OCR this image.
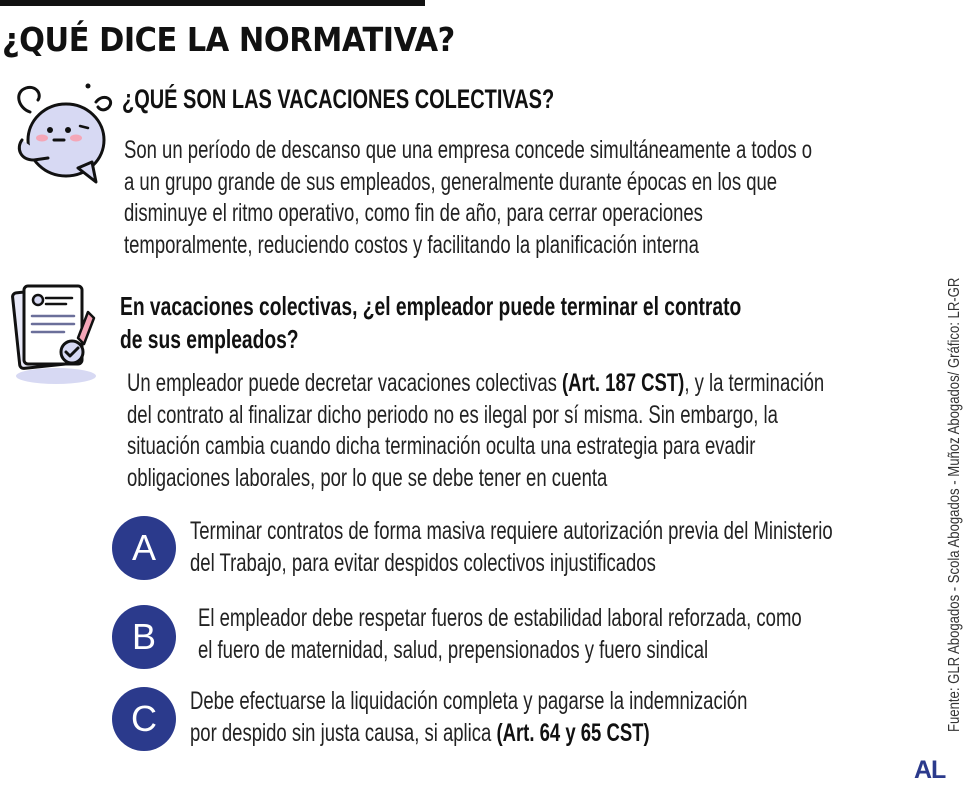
¿QUÉ DICE LA NORMATIVA?
¿QUÉ SON LAS VACACIONES COLECTIVAS?
Son un período de descanso que una empresa concede simultáneamente a todos o
a un grupo grande de sus empleados, generalmente durante épocas en los que
disminuye el ritmo operativo, como fin de año, para cerrar operaciones
temporalmente, reduciendo costos y facilitando la planificación interna
En vacaciones colectivas, ¿el empleador puede terminar el contrato
de sus empleados?
Un empleador puede decretar vacaciones colectivas (Art. 187 CST), y la terminación
del contrato al finalizar dicho periodo no es ilegal por sí misma. Sin embargo, la
situación cambia cuando dicha terminación oculta una estrategia para evadir
obligaciones laborales, por lo que se debe tener en cuenta
A	Terminar contratos de forma masiva requiere autorización previa del Ministerio
del Trabajo, para evitar despidos colectivos injustificados
B	El empleador debe respetar fueros de estabilidad laboral reforzada, como
el fuero de maternidad, salud, prepensionados y fuero sindical
C	Debe efectuarse la liquidación completa y pagarse la indemnización
por despido sin justa causa, si aplica (Art. 64 y 65 CST)
Fuente: GLR Abogados - Scola Abogados - Muñoz Abogados/ Gráfico: LR-GR
AL
